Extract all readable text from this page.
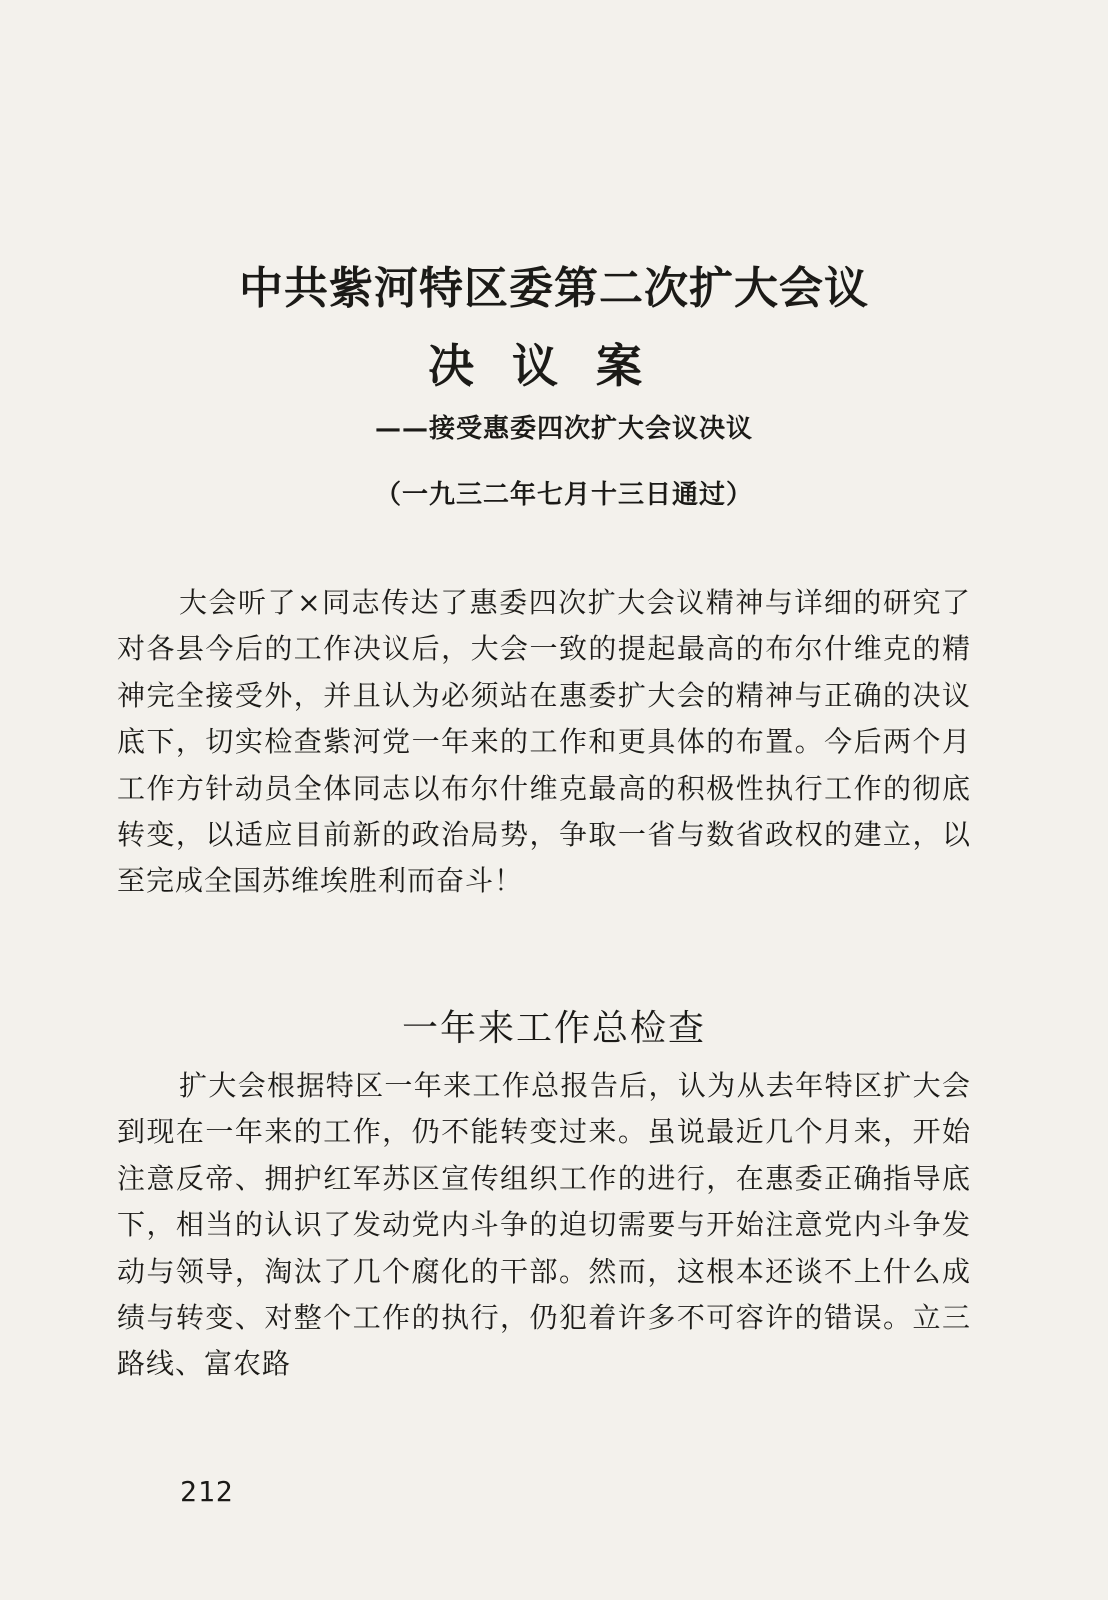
中共紫河特区委第二次扩大会议
决议案
——接受惠委四次扩大会议决议
（一九三二年七月十三日通过）

大会听了×同志传达了惠委四次扩大会议精神与详细的研究了对各县今后的工作决议后，大会一致的提起最高的布尔什维克的精神完全接受外，并且认为必须站在惠委扩大会的精神与正确的决议底下，切实检查紫河党一年来的工作和更具体的布置。今后两个月工作方针动员全体同志以布尔什维克最高的积极性执行工作的彻底转变，以适应目前新的政治局势，争取一省与数省政权的建立，以至完成全国苏维埃胜利而奋斗！

一年来工作总检查

扩大会根据特区一年来工作总报告后，认为从去年特区扩大会到现在一年来的工作，仍不能转变过来。虽说最近几个月来，开始注意反帝、拥护红军苏区宣传组织工作的进行，在惠委正确指导底下，相当的认识了发动党内斗争的迫切需要与开始注意党内斗争发动与领导，淘汰了几个腐化的干部。然而，这根本还谈不上什么成绩与转变、对整个工作的执行，仍犯着许多不可容许的错误。立三路线、富农路

212
